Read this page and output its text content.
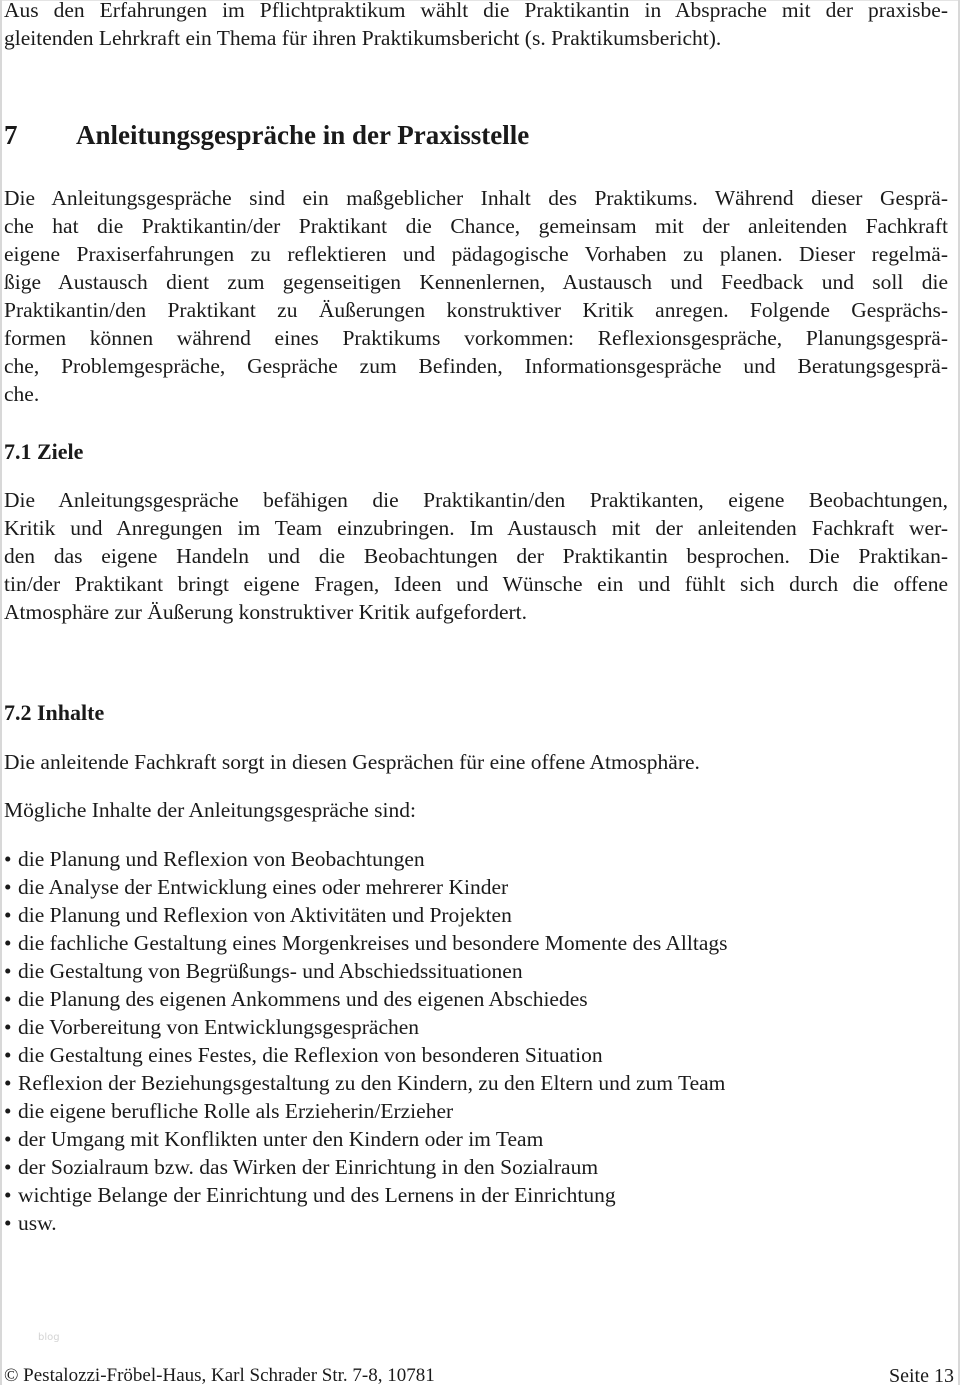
Aus den Erfahrungen im Pflichtpraktikum wählt die Praktikantin in Absprache mit der praxisbe-
gleitenden Lehrkraft ein Thema für ihren Praktikumsbericht (s. Praktikumsbericht).

7 Anleitungsgespräche in der Praxisstelle

Die Anleitungsgespräche sind ein maßgeblicher Inhalt des Praktikums. Während dieser Gesprä-
che hat die Praktikantin/der Praktikant die Chance, gemeinsam mit der anleitenden Fachkraft
eigene Praxiserfahrungen zu reflektieren und pädagogische Vorhaben zu planen. Dieser regelmä-
ßige Austausch dient zum gegenseitigen Kennenlernen, Austausch und Feedback und soll die
Praktikantin/den Praktikant zu Äußerungen konstruktiver Kritik anregen. Folgende Gesprächs-
formen können während eines Praktikums vorkommen: Reflexionsgespräche, Planungsgesprä-
che, Problemgespräche, Gespräche zum Befinden, Informationsgespräche und Beratungsgesprä-
che.

7.1 Ziele

Die Anleitungsgespräche befähigen die Praktikantin/den Praktikanten, eigene Beobachtungen,
Kritik und Anregungen im Team einzubringen. Im Austausch mit der anleitenden Fachkraft wer-
den das eigene Handeln und die Beobachtungen der Praktikantin besprochen. Die Praktikan-
tin/der Praktikant bringt eigene Fragen, Ideen und Wünsche ein und fühlt sich durch die offene
Atmosphäre zur Äußerung konstruktiver Kritik aufgefordert.

7.2 Inhalte

Die anleitende Fachkraft sorgt in diesen Gesprächen für eine offene Atmosphäre.

Mögliche Inhalte der Anleitungsgespräche sind:

• die Planung und Reflexion von Beobachtungen
• die Analyse der Entwicklung eines oder mehrerer Kinder
• die Planung und Reflexion von Aktivitäten und Projekten
• die fachliche Gestaltung eines Morgenkreises und besondere Momente des Alltags
• die Gestaltung von Begrüßungs- und Abschiedssituationen
• die Planung des eigenen Ankommens und des eigenen Abschiedes
• die Vorbereitung von Entwicklungsgesprächen
• die Gestaltung eines Festes, die Reflexion von besonderen Situation
• Reflexion der Beziehungsgestaltung zu den Kindern, zu den Eltern und zum Team
• die eigene berufliche Rolle als Erzieherin/Erzieher
• der Umgang mit Konflikten unter den Kindern oder im Team
• der Sozialraum bzw. das Wirken der Einrichtung in den Sozialraum
• wichtige Belange der Einrichtung und des Lernens in der Einrichtung
• usw.
blog
© Pestalozzi-Fröbel-Haus, Karl Schrader Str. 7-8, 10781	Seite 13
